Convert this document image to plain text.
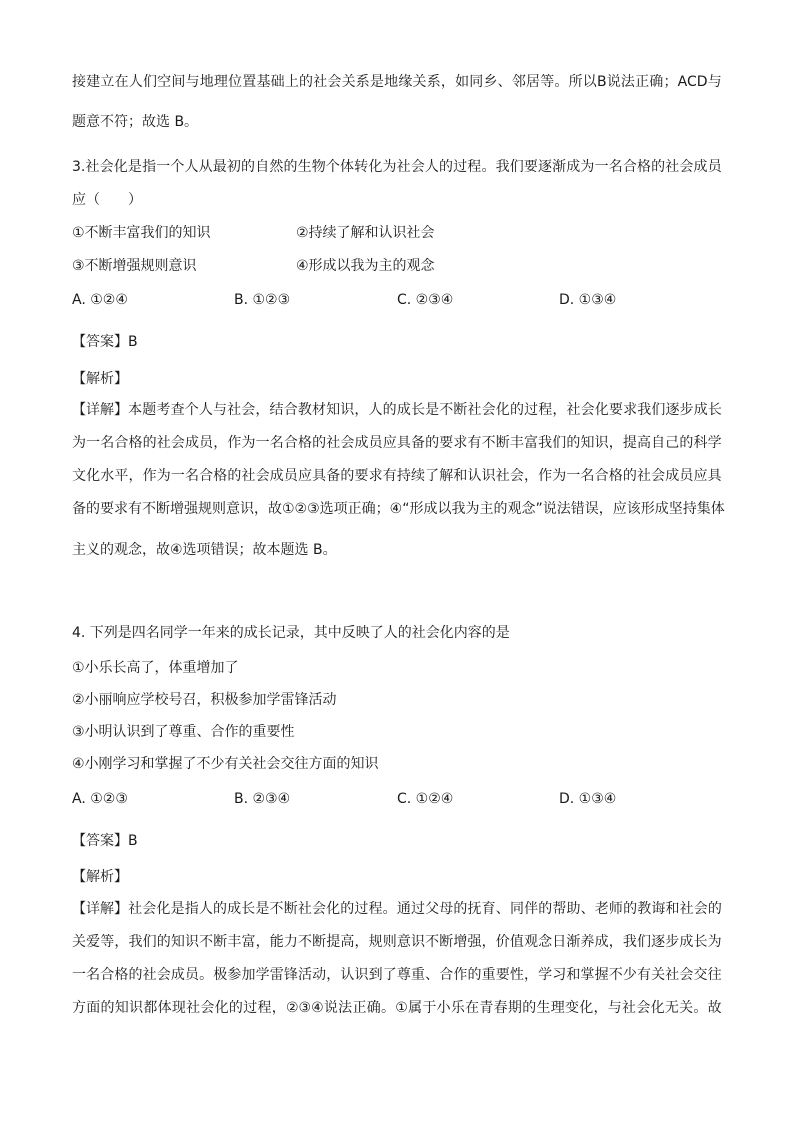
接 建 立 在 人 们 空 间 与 地 理 位 置 基 础 上 的 社 会 关 系 是 地 缘 关 系 ， 如 同 乡 、 邻 居 等 。 所 以 B 说 法 正 确 ； ACD 与
题意不符；故选 B。
3. 社 会 化 是 指 一 个 人 从 最 初 的 自 然 的 生 物 个 体 转 化 为 社 会 人 的 过 程 。 我 们 要 逐 渐 成 为 一 名 合 格 的 社 会 成 员
应（　　）
①不断丰富我们的知识	②持续了解和认识社会
③不断增强规则意识	④形成以我为主的观念
A. ①②④	B. ①②③	C. ②③④	D. ①③④
【答案】B
【解析】
【详解】 本 题 考 查 个 人 与 社 会 ， 结 合 教 材 知 识 ， 人 的 成 长 是 不 断 社 会 化 的 过 程 ， 社 会 化 要 求 我 们 逐 步 成 长
为 一 名 合 格 的 社 会 成 员 ， 作 为 一 名 合 格 的 社 会 成 员 应 具 备 的 要 求 有 不 断 丰 富 我 们 的 知 识 ， 提 高 自 己 的 科 学
文 化 水 平 ， 作 为 一 名 合 格 的 社 会 成 员 应 具 备 的 要 求 有 持 续 了 解 和 认 识 社 会 ， 作 为 一 名 合 格 的 社 会 成 员 应 具
备 的 要 求 有 不 断 增 强 规 则 意 识 ， 故 ①②③ 选 项 正 确 ； ④“形 成 以 我 为 主 的 观 念”说 法 错 误 ， 应 该 形 成 坚 持 集 体
主义的观念，故④选项错误；故本题选 B。
4. 下列是四名同学一年来的成长记录，其中反映了人的社会化内容的是
①小乐长高了，体重增加了
②小丽响应学校号召，积极参加学雷锋活动
③小明认识到了尊重、合作的重要性
④小刚学习和掌握了不少有关社会交往方面的知识
A. ①②③	B. ②③④	C. ①②④	D. ①③④
【答案】B
【解析】
【详解】 社 会 化 是 指 人 的 成 长 是 不 断 社 会 化 的 过 程 。 通 过 父 母 的 抚 育 、 同 伴 的 帮 助 、 老 师 的 教 诲 和 社 会 的
关 爱 等 ， 我 们 的 知 识 不 断 丰 富 ， 能 力 不 断 提 高 ， 规 则 意 识 不 断 增 强 ， 价 值 观 念 日 渐 养 成 ， 我 们 逐 步 成 长 为
一 名 合 格 的 社 会 成 员 。 极 参 加 学 雷 锋 活 动 ， 认 识 到 了 尊 重 、 合 作 的 重 要 性 ， 学 习 和 掌 握 不 少 有 关 社 会 交 往
方 面 的 知 识 都 体 现 社 会 化 的 过 程 ， ②③④ 说 法 正 确 。 ① 属 于 小 乐 在 青 春 期 的 生 理 变 化 ， 与 社 会 化 无 关 。 故
